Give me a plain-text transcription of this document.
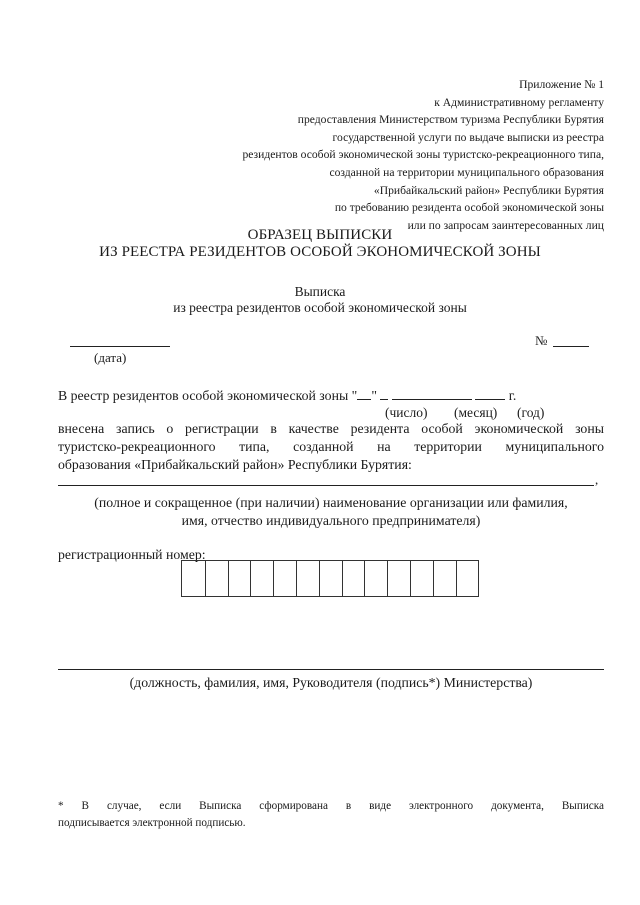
Приложение № 1
к Административному регламенту
предоставления Министерством туризма Республики Бурятия
государственной услуги по выдаче выписки из реестра
резидентов особой экономической зоны туристско-рекреационного типа,
созданной на территории муниципального образования
«Прибайкальский район» Республики Бурятия
по требованию резидента особой экономической зоны
или по запросам заинтересованных лиц
ОБРАЗЕЦ ВЫПИСКИ
ИЗ РЕЕСТРА РЕЗИДЕНТОВ ОСОБОЙ ЭКОНОМИЧЕСКОЙ ЗОНЫ
Выписка
из реестра резидентов особой экономической зоны
(дата)
№
В реестр резидентов особой экономической зоны " "	г.
(число) (месяц) (год)
внесена запись о регистрации в качестве резидента особой экономической зоны
туристско-рекреационного типа, созданной на территории муниципального
образования «Прибайкальский район» Республики Бурятия:
,
(полное и сокращенное (при наличии) наименование организации или фамилия,
имя, отчество индивидуального предпринимателя)
регистрационный номер:
(должность, фамилия, имя, Руководителя (подпись*) Министерства)
* В случае, если Выписка сформирована в виде электронного документа, Выписка
подписывается электронной подписью.
